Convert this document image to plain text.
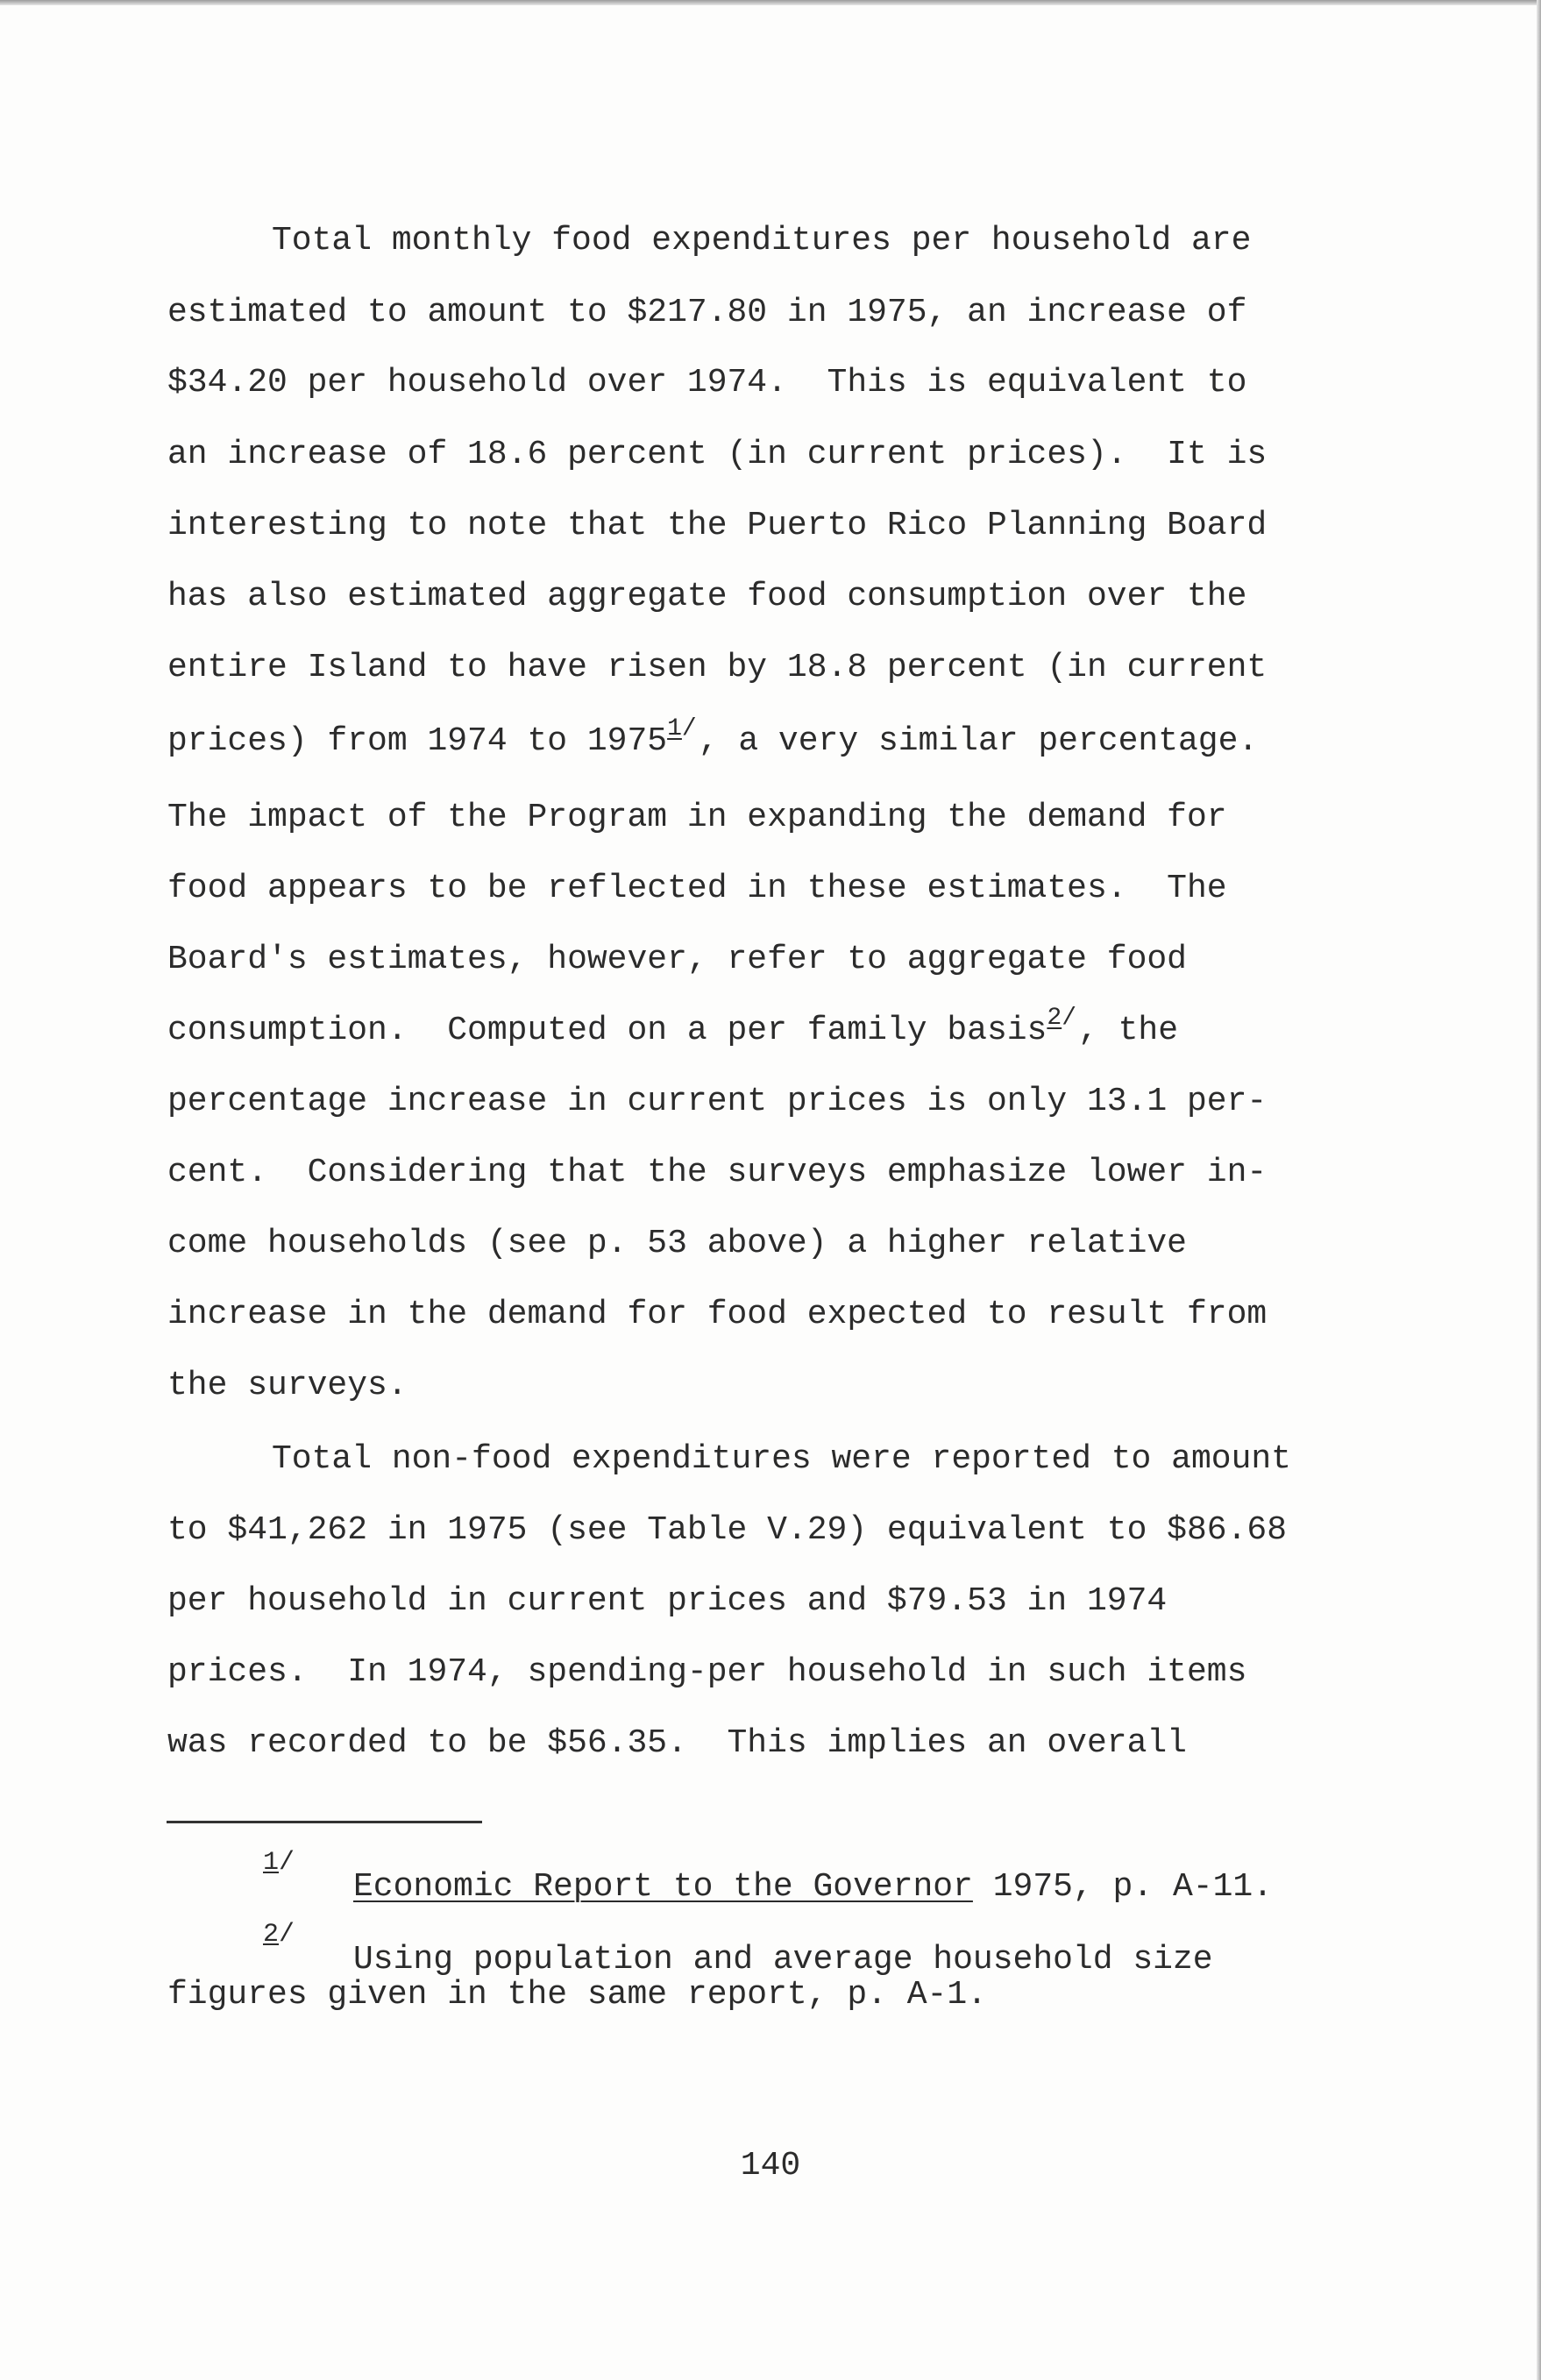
Total monthly food expenditures per household are
estimated to amount to $217.80 in 1975, an increase of
$34.20 per household over 1974.  This is equivalent to
an increase of 18.6 percent (in current prices).  It is
interesting to note that the Puerto Rico Planning Board
has also estimated aggregate food consumption over the
entire Island to have risen by 18.8 percent (in current
prices) from 1974 to 19751/, a very similar percentage.
The impact of the Program in expanding the demand for
food appears to be reflected in these estimates.  The
Board's estimates, however, refer to aggregate food
consumption.  Computed on a per family basis2/, the
percentage increase in current prices is only 13.1 per-
cent.  Considering that the surveys emphasize lower in-
come households (see p. 53 above) a higher relative
increase in the demand for food expected to result from
the surveys.
Total non-food expenditures were reported to amount
to $41,262 in 1975 (see Table V.29) equivalent to $86.68
per household in current prices and $79.53 in 1974
prices.  In 1974, spending-per household in such items
was recorded to be $56.35.  This implies an overall
1/
Economic Report to the Governor 1975, p. A-11.
2/
Using population and average household size
figures given in the same report, p. A-1.
140
